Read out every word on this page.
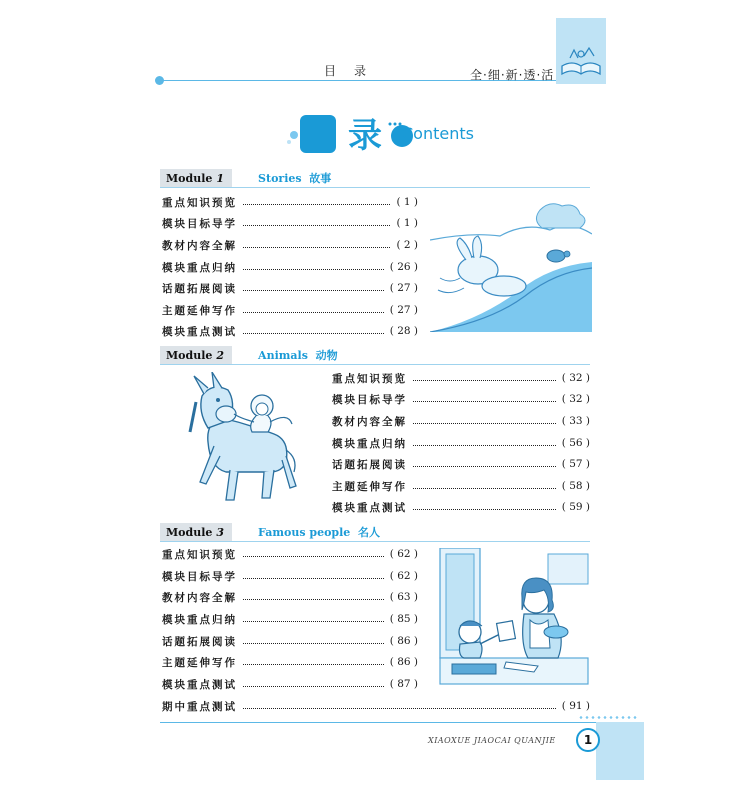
目　录	全·细·新·透·活
目录 Contents
Module 1	Stories 故事
重点知识预览	( 1 )
模块目标导学	( 1 )
教材内容全解	( 2 )
模块重点归纳	( 26 )
话题拓展阅读	( 27 )
主题延伸写作	( 27 )
模块重点测试	( 28 )
Module 2	Animals 动物
重点知识预览	( 32 )
模块目标导学	( 32 )
教材内容全解	( 33 )
模块重点归纳	( 56 )
话题拓展阅读	( 57 )
主题延伸写作	( 58 )
模块重点测试	( 59 )
Module 3	Famous people 名人
重点知识预览	( 62 )
模块目标导学	( 62 )
教材内容全解	( 63 )
模块重点归纳	( 85 )
话题拓展阅读	( 86 )
主题延伸写作	( 86 )
模块重点测试	( 87 )
期中重点测试	( 91 )
XIAOXUE JIAOCAI QUANJIE	1
